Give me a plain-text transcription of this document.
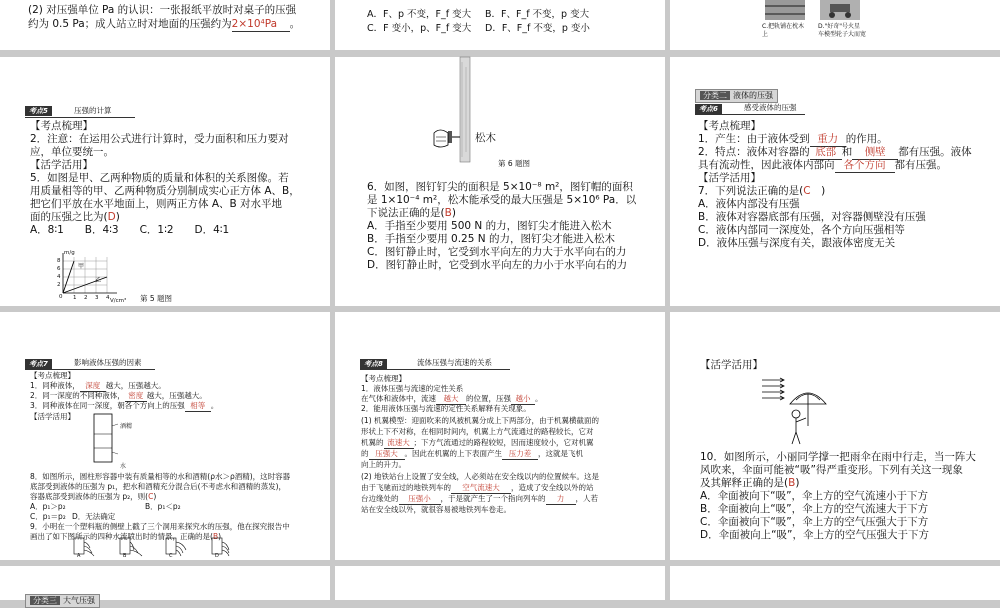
(2) 对压强单位 Pa 的认识：一张报纸平放时对桌子的压强
约为 0.5 Pa；成人站立时对地面的压强约为2×10⁴Pa 。
A．F、p 不变，F_f 变大 B．F、F_f 不变，p 变大
C．F 变小，p、F_f 变大 D．F、F_f 不变，p 变小	C.把轨铺在枕木上
D."好奇"号火星车模型轮子大而宽
考点5	压强的计算
【考点梳理】
2．注意：在运用公式进行计算时，受力面积和压力要对
应，单位要统一。
【活学活用】
5．如图是甲、乙两种物质的质量和体积的关系图像。若
用质量相等的甲、乙两种物质分别制成实心正方体 A、B，
把它们平放在水平地面上，则两正方体 A、B 对水平地
面的压强之比为(D)
A．8∶1　　B．4∶3　　C．1∶2　　D．4∶1
m/g
V/cm³
甲
乙
8
6
4
2
0 1 2 3 4	第 5 题图
松木
第 6 题图
6．如图，图钉钉尖的面积是 5×10⁻⁸ m²，图钉帽的面积
是 1×10⁻⁴ m²，松木能承受的最大压强是 5×10⁶ Pa．以
下说法正确的是(B)
A．手指至少要用 500 N 的力，图钉尖才能进入松木
B．手指至少要用 0.25 N 的力，图钉尖才能进入松木
C．图钉静止时，它受到水平向左的力大于水平向右的力
D．图钉静止时，它受到水平向左的力小于水平向右的力
分类二 液体的压强
考点6	感受液体的压强
【考点梳理】
1．产生：由于液体受到 重力 的作用。
2．特点：液体对容器的 底部 和 侧壁 都有压强。液体
具有流动性，因此液体内部向 各个方向 都有压强。
【活学活用】
7．下列说法正确的是(C　 )
A．液体内部没有压强
B．液体对容器底部有压强，对容器侧壁没有压强
C．液体内部同一深度处，各个方向压强相等
D．液体压强与深度有关，跟液体密度无关
考点7	影响液体压强的因素
【考点梳理】
1．同种液体， 深度 越大，压强越大。
2．同一深度的不同种液体， 密度 越大，压强越大。
3．同种液体在同一深度，朝各个方向上的压强 相等 。
【活学活用】
酒精
水
8．如图所示，圆柱形容器中装有质量相等的水和酒精(ρ水＞ρ酒精)，这时容器
底部受到液体的压强为 p₁，把水和酒精充分混合后(不考虑水和酒精的蒸发)，
容器底部受到液体的压强为 p₂，则(C)
A．p₁＞p₂	B．p₁＜p₂
C．p₁＝p₂ D．无法确定
9．小明在一个塑料瓶的侧壁上戳了三个洞用来探究水的压强，他在探究报告中
画出了如下图所示的四种水流喷出时的情景，正确的是(B)
A	B	C	D
考点8	流体压强与流速的关系
【考点梳理】
1．液体压强与流速的定性关系
在气体和液体中，流速 越大 的位置，压强 越小 。
2．能用液体压强与流速的定性关系解释有关现象。
(1) 机翼模型：迎面吹来的风被机翼分成上下两部分，由于机翼横截面的
形状上下不对称，在相同时间内，机翼上方气流通过的路程较长，它对
机翼的 流速大 ；下方气流通过的路程较短，因而速度较小，它对机翼
的 压强大 。因此在机翼的上下表面产生 压力差 ，这就是飞机
向上的升力。
(2) 地铁站台上设置了安全线，人必须站在安全线以内的位置候车。这是
由于飞驰而过的地铁列车的 空气流速大 ，造成了安全线以外的站
台边缘处的 压强小 ，于是就产生了一个指向列车的 力 ，人若
站在安全线以外，就很容易被地铁列车卷走。
【活学活用】
10．如图所示，小丽同学撑一把雨伞在雨中行走，当一阵大
风吹来，伞面可能被“吸”得严重变形。下列有关这一现象
及其解释正确的是(B)
A．伞面被向下“吸”，伞上方的空气流速小于下方
B．伞面被向上“吸”，伞上方的空气流速大于下方
C．伞面被向下“吸”，伞上方的空气压强大于下方
D．伞面被向上“吸”，伞上方的空气压强大于下方
分类三 大气压强
